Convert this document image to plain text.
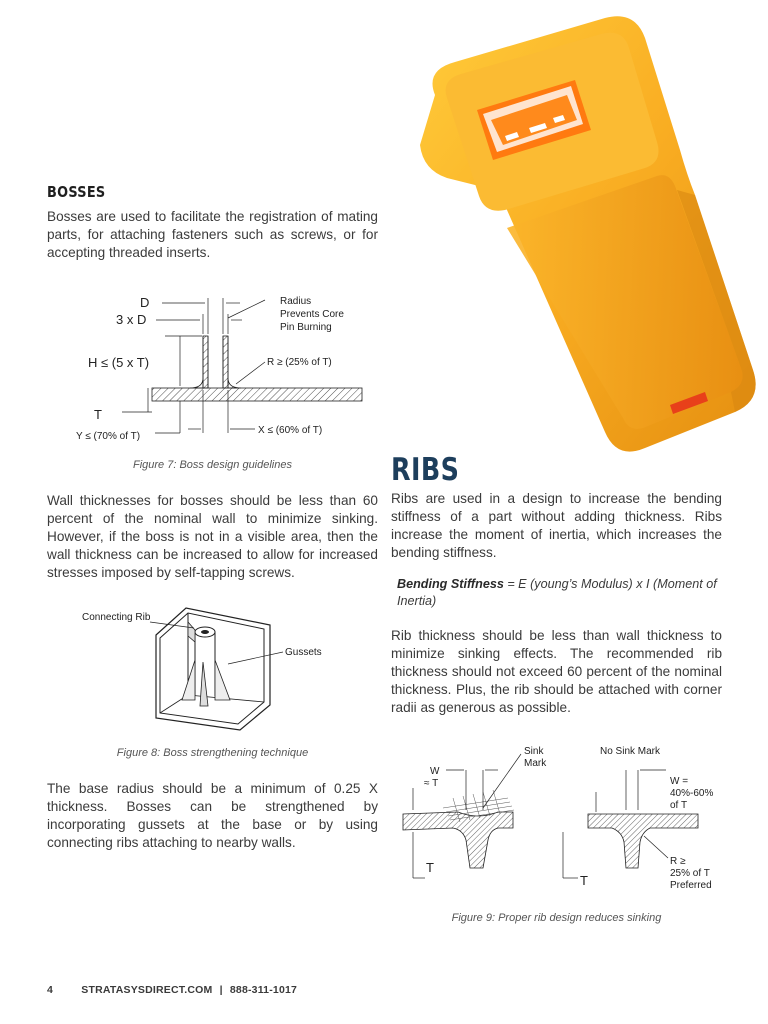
BOSSES
Bosses are used to facilitate the registration of mating parts, for attaching fasteners such as screws, or for accepting threaded inserts.
D
3 x D
H ≤ (5 x T)
T
Y ≤ (70% of T)
Radius
Prevents Core
Pin Burning
R ≥ (25% of T)
X ≤ (60% of T)
Figure 7: Boss design guidelines
Wall thicknesses for bosses should be less than 60 percent of the nominal wall to minimize sinking. However, if the boss is not in a visible area, then the wall thickness can be increased to allow for increased stresses imposed by self-tapping screws.
Connecting Rib
Gussets
Figure 8: Boss strengthening technique
The base radius should be a minimum of 0.25 X thickness. Bosses can be strengthened by incorporating gussets at the base or by using connecting ribs attaching to nearby walls.
RIBS
Ribs are used in a design to increase the bending stiffness of a part without adding thickness. Ribs increase the moment of inertia, which increases the bending stiffness.
Bending Stiffness = E (young’s Modulus) x I (Moment of Inertia)
Rib thickness should be less than wall thickness to minimize sinking effects. The recommended rib thickness should not exceed 60 percent of the nominal thickness. Plus, the rib should be attached with corner radii as generous as possible.
Sink
Mark
W
≈ T
No Sink Mark
W =
40%-60%
of T
R ≥
25% of T
Preferred
T
T
Figure 9: Proper rib design reduces sinking
4	STRATASYSDIRECT.COM | 888-311-1017
